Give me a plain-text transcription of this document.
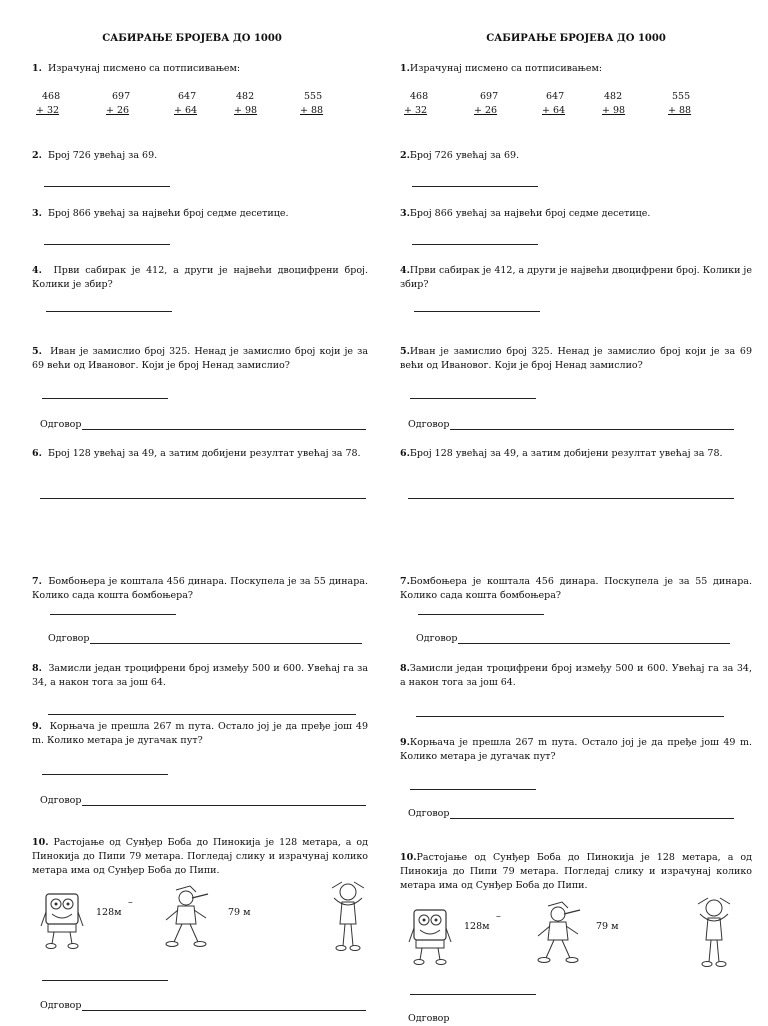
САБИРАЊЕ БРОЈЕВА ДО 1000
1. Израчунај писмено са потписивањем:
468
+ 32
697
+ 26
647
+ 64
482
+ 98
555
+ 88
2. Број 726 увећај за 69.
3. Број 866 увећај за највећи број седме десетице.
4. Први сабирак је 412, а други је највећи двоцифрени број. Колики је збир?
5. Иван је замислио број 325. Ненад је замислио број који је за 69 већи од Ивановог. Који је број Ненад замислио?
Одговор
6. Број 128 увећај за 49, а затим добијени резултат увећај за 78.
7. Бомбоњера је коштала 456 динара. Поскупела је за 55 динара. Колико сада кошта бомбоњера?
Одговор
8. Замисли један троцифрени број између 500 и 600. Увећај га за 34, а након тога за још 64.
9. Корњача је прешла 267 m пута. Остало јој је да пређе још 49 m. Колико метара је дугачак пут?
Одговор
10. Растојање од Сунђер Боба до Пинокија је 128 метара, а од Пинокија до Пипи 79 метара. Погледај слику и израчунај колико метара има од Сунђер Боба до Пипи.
128м
–
79 м
Одговор
САБИРАЊЕ БРОЈЕВА ДО 1000
1.Израчунај писмено са потписивањем:
468
+ 32
697
+ 26
647
+ 64
482
+ 98
555
+ 88
2.Број 726 увећај за 69.
3.Број 866 увећај за највећи број седме десетице.
4.Први сабирак је 412, а други је највећи двоцифрени број. Колики је збир?
5.Иван је замислио број 325. Ненад је замислио број који је за 69 већи од Ивановог. Који је број Ненад замислио?
Одговор
6.Број 128 увећај за 49, а затим добијени резултат увећај за 78.
7.Бомбоњера је коштала 456 динара. Поскупела је за 55 динара. Колико сада кошта бомбоњера?
Одговор
8.Замисли један троцифрени број између 500 и 600. Увећај га за 34, а након тога за још 64.
9.Корњача је прешла 267 m пута. Остало јој је да пређе још 49 m. Колико метара је дугачак пут?
Одговор
10.Растојање од Сунђер Боба до Пинокија је 128 метара, а од Пинокија до Пипи 79 метара. Погледај слику и израчунај колико метара има од Сунђер Боба до Пипи.
128м
–
79 м
Одговор
